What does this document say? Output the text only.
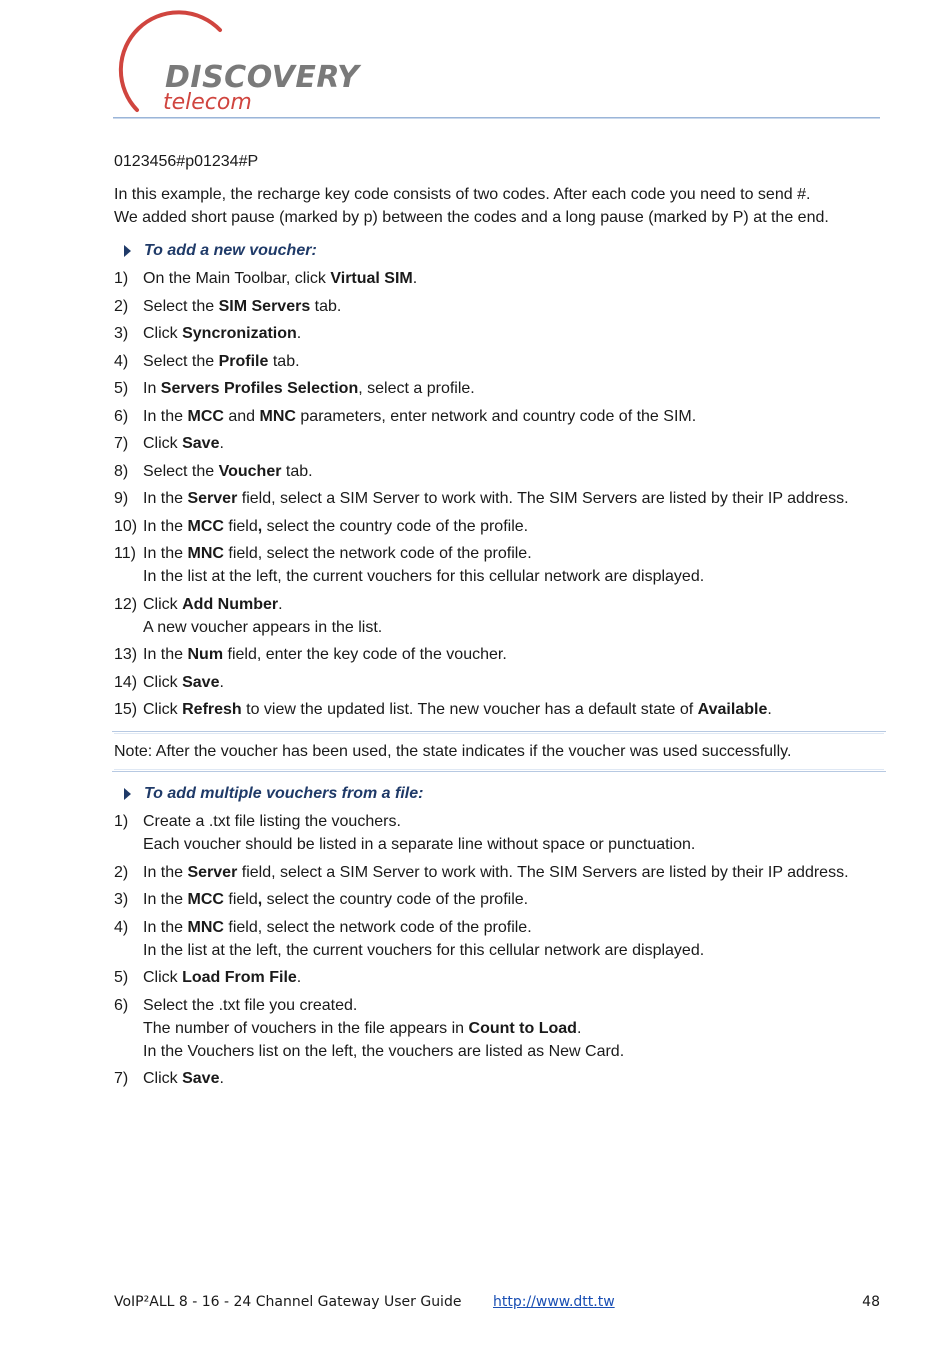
DISCOVERY
telecom

0123456#p01234#P

In this example, the recharge key code consists of two codes. After each code you need to send #.
We added short pause (marked by p) between the codes and a long pause (marked by P) at the end.

To add a new voucher:
1) On the Main Toolbar, click Virtual SIM.
2) Select the SIM Servers tab.
3) Click Syncronization.
4) Select the Profile tab.
5) In Servers Profiles Selection, select a profile.
6) In the MCC and MNC parameters, enter network and country code of the SIM.
7) Click Save.
8) Select the Voucher tab.
9) In the Server field, select a SIM Server to work with. The SIM Servers are listed by their IP address.
10) In the MCC field, select the country code of the profile.
11) In the MNC field, select the network code of the profile.
In the list at the left, the current vouchers for this cellular network are displayed.
12) Click Add Number.
A new voucher appears in the list.
13) In the Num field, enter the key code of the voucher.
14) Click Save.
15) Click Refresh to view the updated list. The new voucher has a default state of Available.
Note: After the voucher has been used, the state indicates if the voucher was used successfully.
To add multiple vouchers from a file:
1) Create a .txt file listing the vouchers.
Each voucher should be listed in a separate line without space or punctuation.
2) In the Server field, select a SIM Server to work with. The SIM Servers are listed by their IP address.
3) In the MCC field, select the country code of the profile.
4) In the MNC field, select the network code of the profile.
In the list at the left, the current vouchers for this cellular network are displayed.
5) Click Load From File.
6) Select the .txt file you created.
The number of vouchers in the file appears in Count to Load.
In the Vouchers list on the left, the vouchers are listed as New Card.
7) Click Save.
VoIP²ALL 8 - 16 - 24 Channel Gateway User Guide http://www.dtt.tw	48
